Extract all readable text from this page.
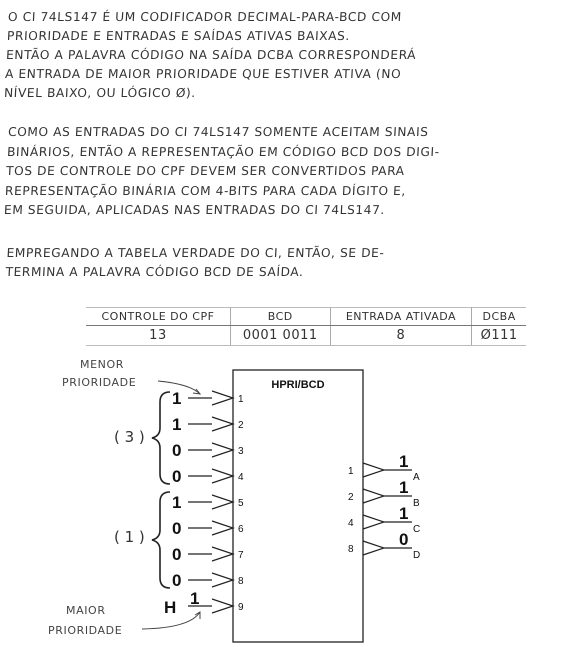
O CI 74LS147 É UM CODIFICADOR DECIMAL-PARA-BCD COM
PRIORIDADE E ENTRADAS E SAÍDAS ATIVAS BAIXAS.
ENTÃO A PALAVRA CÓDIGO NA SAÍDA DCBA CORRESPONDERÁ
A ENTRADA DE MAIOR PRIORIDADE QUE ESTIVER ATIVA (NO
NÍVEL BAIXO, OU LÓGICO Ø).
COMO AS ENTRADAS DO CI 74LS147 SOMENTE ACEITAM SINAIS
BINÁRIOS, ENTÃO A REPRESENTAÇÃO EM CÓDIGO BCD DOS DIGI-
TOS DE CONTROLE DO CPF DEVEM SER CONVERTIDOS PARA
REPRESENTAÇÃO BINÁRIA COM 4-BITS PARA CADA DÍGITO E,
EM SEGUIDA, APLICADAS NAS ENTRADAS DO CI 74LS147.
EMPREGANDO A TABELA VERDADE DO CI, ENTÃO, SE DE-
TERMINA A PALAVRA CÓDIGO BCD DE SAÍDA.
CONTROLE DO CPF	BCD	ENTRADA ATIVADA	DCBA
13	0001 0011	8	Ø111
HPRI/BCD
1
1
2
1
3
0
4
0
5
1
6
0
7
0
8
0
9
1
1
1
A
2
1
B
4
1
C
8
0
D
H
( 3 )
( 1 )
MENOR
PRIORIDADE
MAIOR
PRIORIDADE
